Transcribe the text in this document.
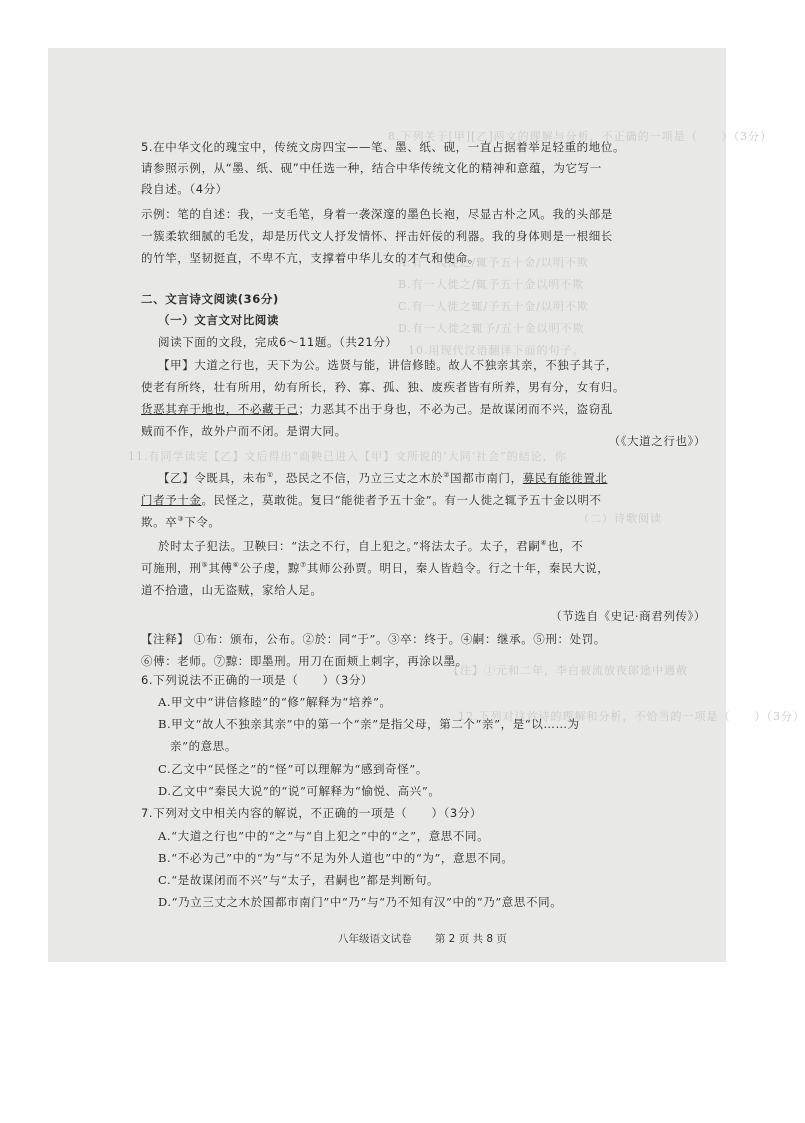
8.下列关于[甲][乙]两文的理解与分析，不正确的一项是（　　）（3分）
A.有一人徙之/辄予五十金/以明不欺
B.有一人徙之/辄予五十金以明不欺
C.有一人徙之辄/予五十金/以明不欺
D.有一人徙之辄予/五十金以明不欺
10.用现代汉语翻译下面的句子。
11.有同学读完【乙】文后得出“商鞅已进入【甲】文所说的‘大同’社会”的结论，你
（二）诗歌阅读
【注】①元和二年，李白被流放夜郎途中遇赦
12.下列对这首诗的理解和分析，不恰当的一项是（　　）（3分）
5.在中华文化的瑰宝中，传统文房四宝——笔、墨、纸、砚，一直占据着举足轻重的地位。
请参照示例，从“墨、纸、砚”中任选一种，结合中华传统文化的精神和意蕴，为它写一
段自述。（4分）
示例：笔的自述：我，一支毛笔，身着一袭深邃的墨色长袍，尽显古朴之风。我的头部是
一簇柔软细腻的毛发，却是历代文人抒发情怀、抨击奸佞的利器。我的身体则是一根细长
的竹竿，坚韧挺直，不卑不亢，支撑着中华儿女的才气和使命。
二、文言诗文阅读(36分)
（一）文言文对比阅读
阅读下面的文段，完成6～11题。（共21分）
【甲】大道之行也，天下为公。选贤与能，讲信修睦。故人不独亲其亲，不独子其子，
使老有所终，壮有所用，幼有所长，矜、寡、孤、独、废疾者皆有所养，男有分，女有归。
货恶其弃于地也，不必藏于己；力恶其不出于身也，不必为己。是故谋闭而不兴，盗窃乱
贼而不作，故外户而不闭。是谓大同。
（《大道之行也》）
【乙】令既具，未布①，恐民之不信，乃立三丈之木於②国都市南门，募民有能徙置北
门者予十金。民怪之，莫敢徙。复曰“能徙者予五十金”。有一人徙之辄予五十金以明不
欺。卒③下令。
於时太子犯法。卫鞅曰：“法之不行，自上犯之。”将法太子。太子，君嗣④也，不
可施刑，刑⑤其傅⑥公子虔，黥⑦其师公孙贾。明日，秦人皆趋令。行之十年，秦民大说，
道不拾遗，山无盗贼，家给人足。
（节选自《史记·商君列传》）
【注释】 ①布：颁布，公布。②於：同“于”。③卒：终于。④嗣：继承。⑤刑：处罚。
⑥傅：老师。⑦黥：即墨刑。用刀在面颊上刺字，再涂以墨。
6.下列说法不正确的一项是（　　）（3分）
A.甲文中“讲信修睦”的“修”解释为“培养”。
B.甲文“故人不独亲其亲”中的第一个“亲”是指父母，第二个“亲”，是“以……为
亲”的意思。
C.乙文中“民怪之”的“怪”可以理解为“感到奇怪”。
D.乙文中“秦民大说”的“说”可解释为“愉悦、高兴”。
7.下列对文中相关内容的解说，不正确的一项是（　　）（3分）
A.“大道之行也”中的“之”与“自上犯之”中的“之”，意思不同。
B.“不必为己”中的“为”与“不足为外人道也”中的“为”，意思不同。
C.“是故谋闭而不兴”与“太子，君嗣也”都是判断句。
D.“乃立三丈之木於国都市南门”中“乃”与“乃不知有汉”中的“乃”意思不同。
八年级语文试卷 第 2 页 共 8 页
